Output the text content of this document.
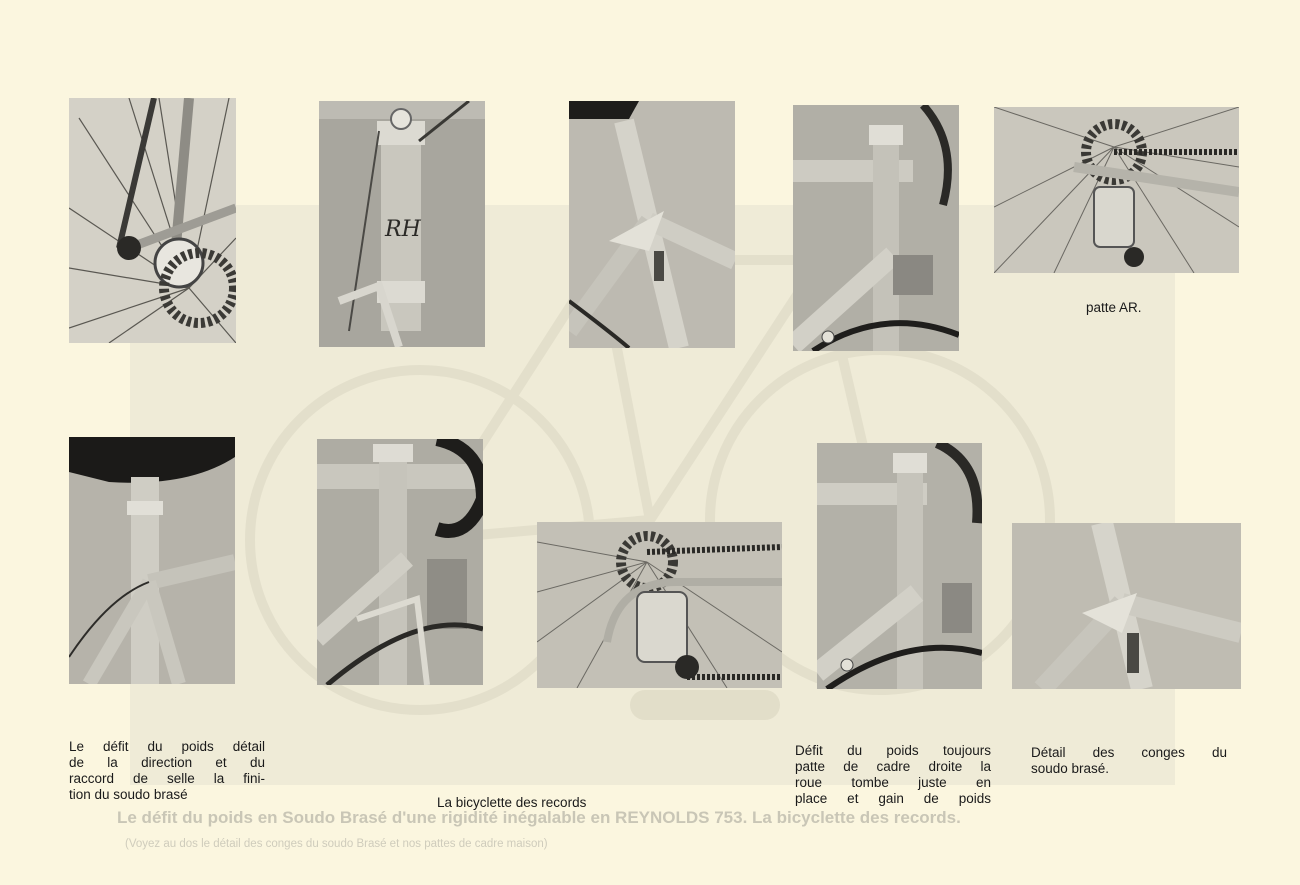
RH
patte AR.
Le défit du poids détail
de la direction et du
raccord de selle la fini-
tion du soudo brasé
La bicyclette des records
Défit du poids toujours
patte de cadre droite la
roue tombe juste en
place et gain de poids
Détail des conges du
soudo brasé.
Le défit du poids en Soudo Brasé d'une rigidité inégalable en REYNOLDS 753. La bicyclette des records.
(Voyez au dos le détail des conges du soudo Brasé et nos pattes de cadre maison)
